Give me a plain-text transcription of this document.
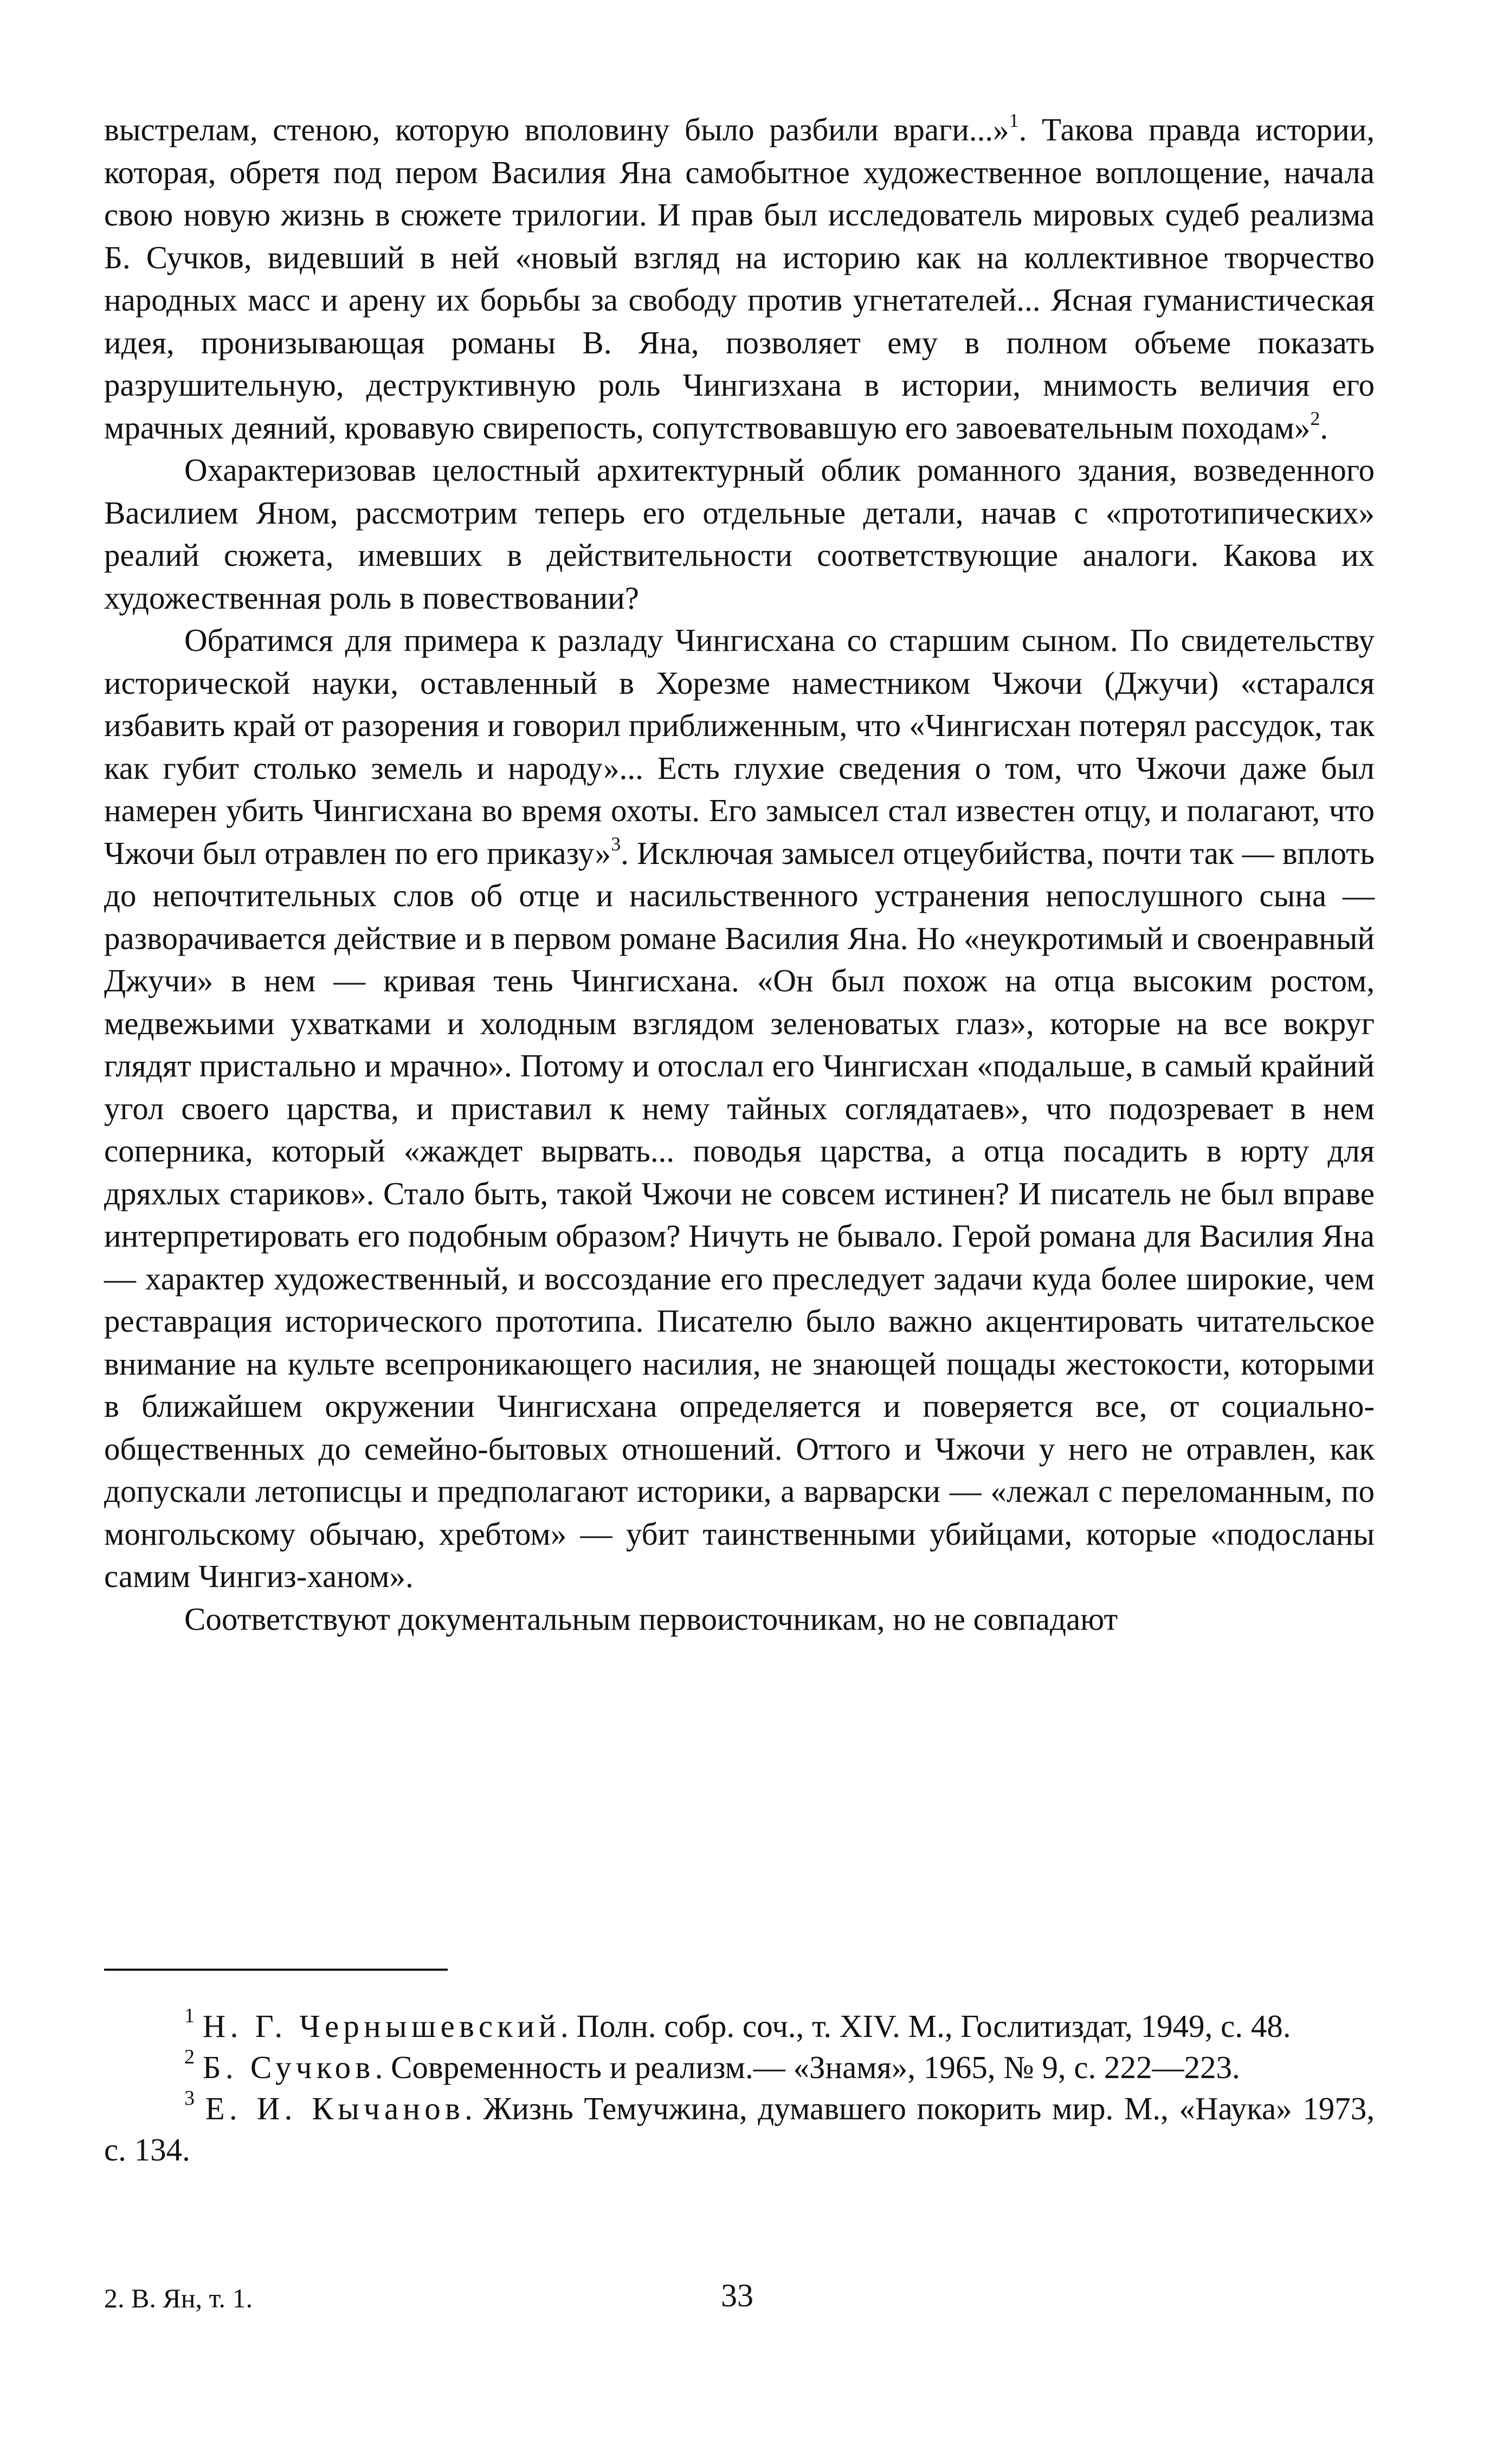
выстрелам, стеною, которую вполовину было разбили враги...»$^1$. Такова правда истории, которая, обретя под пером Василия Яна самобытное художественное воплощение, начала свою новую жизнь в сюжете трилогии. И прав был исследователь мировых судеб реализма Б. Сучков, видевший в ней «новый взгляд на историю как на коллективное творчество народных масс и арену их борьбы за свободу против угнетателей... Ясная гуманистическая идея, пронизывающая романы В. Яна, позволяет ему в полном объеме показать разрушительную, деструктивную роль Чингизхана в истории, мнимость величия его мрачных деяний, кровавую свирепость, сопутствовавшую его завоевательным походам»$^2$.

Охарактеризовав целостный архитектурный облик романного здания, возведенного Василием Яном, рассмотрим теперь его отдельные детали, начав с «прототипических» реалий сюжета, имевших в действительности соответствующие аналоги. Какова их художественная роль в повествовании?

Обратимся для примера к разладу Чингисхана со старшим сыном. По свидетельству исторической науки, оставленный в Хорезме наместником Чжочи (Джучи) «старался избавить край от разорения и говорил приближенным, что «Чингисхан потерял рассудок, так как губит столько земель и народу»... Есть глухие сведения о том, что Чжочи даже был намерен убить Чингисхана во время охоты. Его замысел стал известен отцу, и полагают, что Чжочи был отравлен по его приказу»$^3$. Исключая замысел отцеубийства, почти так — вплоть до непочтительных слов об отце и насильственного устранения непослушного сына — разворачивается действие и в первом романе Василия Яна. Но «неукротимый и своенравный Джучи» в нем — кривая тень Чингисхана. «Он был похож на отца высоким ростом, медвежьими ухватками и холодным взглядом зеленоватых глаз», которые на все вокруг глядят пристально и мрачно». Потому и отослал его Чингисхан «подальше, в самый крайний угол своего царства, и приставил к нему тайных соглядатаев», что подозревает в нем соперника, который «жаждет вырвать... поводья царства, а отца посадить в юрту для дряхлых стариков». Стало быть, такой Чжочи не совсем истинен? И писатель не был вправе интерпретировать его подобным образом? Ничуть не бывало. Герой романа для Василия Яна — характер художественный, и воссоздание его преследует задачи куда более широкие, чем реставрация исторического прототипа. Писателю было важно акцентировать читательское внимание на культе всепроникающего насилия, не знающей пощады жестокости, которыми в ближайшем окружении Чингисхана определяется и поверяется все, от социально-общественных до семейно-бытовых отношений. Оттого и Чжочи у него не отравлен, как допускали летописцы и предполагают историки, а варварски — «лежал с переломанным, по монгольскому обычаю, хребтом» — убит таинственными убийцами, которые «подосланы самим Чингиз-ханом».

Соответствуют документальным первоисточникам, но не совпадают

$^1$ Н. Г. Чернышевский. Полн. собр. соч., т. XIV. М., Гослитиздат, 1949, с. 48.

$^2$ Б. Сучков. Современность и реализм.— «Знамя», 1965, № 9, с. 222—223.

$^3$ Е. И. Кычанов. Жизнь Темучжина, думавшего покорить мир. М., «Наука» 1973, с. 134.

2. В. Ян, т. 1.	33
